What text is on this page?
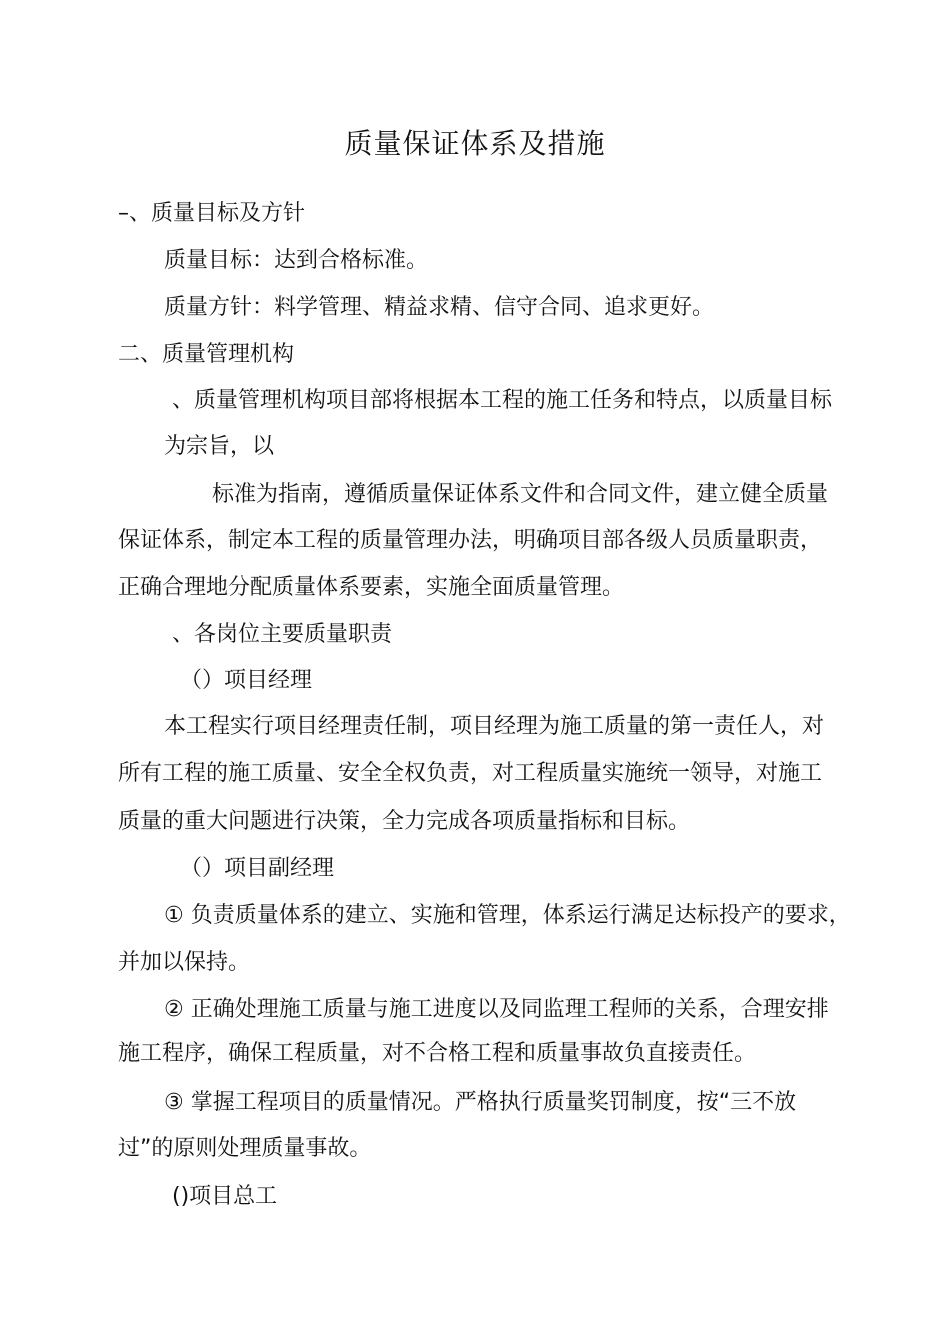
质量保证体系及措施
–、质量目标及方针
质量目标：达到合格标准。
质量方针：料学管理、精益求精、信守合同、追求更好。
二、质量管理机构
、质量管理机构项目部将根据本工程的施工任务和特点，以质量目标
为宗旨，以
标准为指南，遵循质量保证体系文件和合同文件，建立健全质量
保证体系，制定本工程的质量管理办法，明确项目部各级人员质量职责，
正确合理地分配质量体系要素，实施全面质量管理。
、各岗位主要质量职责
（）项目经理
本工程实行项目经理责任制，项目经理为施工质量的第一责任人，对
所有工程的施工质量、安全全权负责，对工程质量实施统一领导，对施工
质量的重大问题进行决策，全力完成各项质量指标和目标。
（）项目副经理
① 负责质量体系的建立、实施和管理，体系运行满足达标投产的要求，
并加以保持。
② 正确处理施工质量与施工进度以及同监理工程师的关系，合理安排
施工程序，确保工程质量，对不合格工程和质量事故负直接责任。
③ 掌握工程项目的质量情况。严格执行质量奖罚制度，按“三不放
过”的原则处理质量事故。
()项目总工
